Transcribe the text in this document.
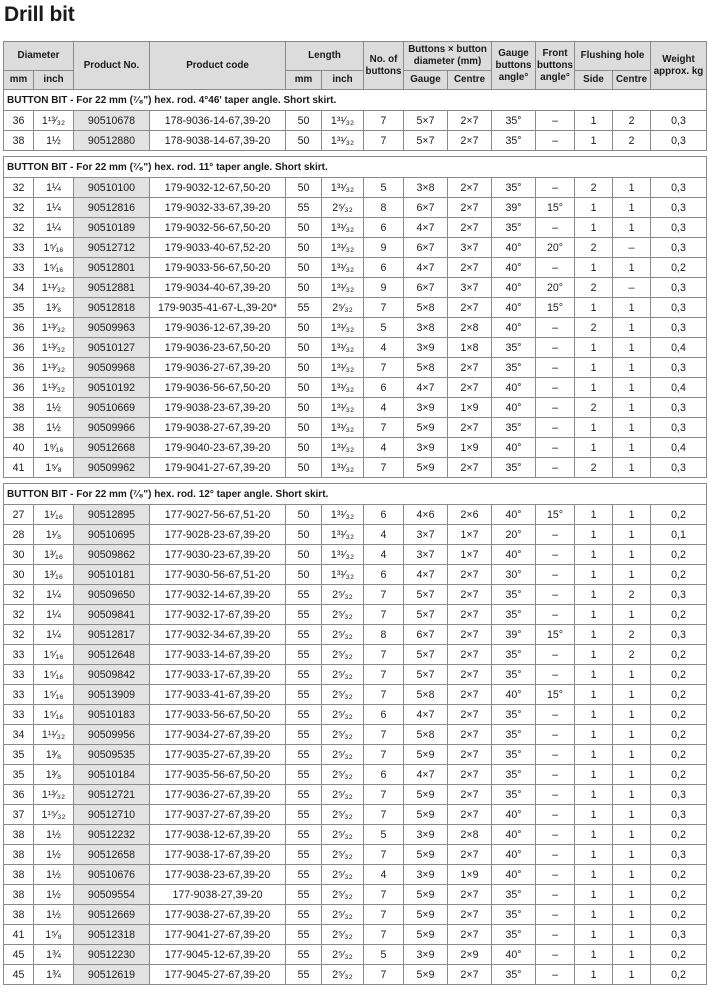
Drill bit
Diameter		Product No.	Product code	Length		No. of buttons	Buttons × button diameter (mm)		Gauge buttons angle°	Front buttons angle°	Flushing hole		Weight approx. kg
mm	inch			mm	inch		Gauge	Centre			Side	Centre	
BUTTON BIT - For 22 mm (⁷⁄₈") hex. rod. 4°46' taper angle. Short skirt.													
36	1¹³⁄₃₂	90510678	178-9036-14-67,39-20	50	1³¹⁄₃₂	7	5×7	2×7	35°	–	1	2	0,3
38	1½	90512880	178-9038-14-67,39-20	50	1³¹⁄₃₂	7	5×7	2×7	35°	–	1	2	0,3

BUTTON BIT - For 22 mm (⁷⁄₈") hex. rod. 11° taper angle. Short skirt.													
32	1¼	90510100	179-9032-12-67,50-20	50	1³¹⁄₃₂	5	3×8	2×7	35°	–	2	1	0,3
32	1¼	90512816	179-9032-33-67,39-20	55	2⁵⁄₃₂	8	6×7	2×7	39°	15°	1	1	0,3
32	1¼	90510189	179-9032-56-67,50-20	50	1³¹⁄₃₂	6	4×7	2×7	35°	–	1	1	0,3
33	1⁵⁄₁₆	90512712	179-9033-40-67,52-20	50	1³¹⁄₃₂	9	6×7	3×7	40°	20°	2	–	0,3
33	1⁵⁄₁₆	90512801	179-9033-56-67,50-20	50	1³¹⁄₃₂	6	4×7	2×7	40°	–	1	1	0,2
34	1¹¹⁄₃₂	90512881	179-9034-40-67,39-20	50	1³¹⁄₃₂	9	6×7	3×7	40°	20°	2	–	0,3
35	1³⁄₈	90512818	179-9035-41-67-L,39-20*	55	2⁵⁄₃₂	7	5×8	2×7	40°	15°	1	1	0,3
36	1¹³⁄₃₂	90509963	179-9036-12-67,39-20	50	1³¹⁄₃₂	5	3×8	2×8	40°	–	2	1	0,3
36	1¹³⁄₃₂	90510127	179-9036-23-67,50-20	50	1³¹⁄₃₂	4	3×9	1×8	35°	–	1	1	0,4
36	1¹³⁄₃₂	90509968	179-9036-27-67,39-20	50	1³¹⁄₃₂	7	5×8	2×7	35°	–	1	1	0,3
36	1¹³⁄₃₂	90510192	179-9036-56-67,50-20	50	1³¹⁄₃₂	6	4×7	2×7	40°	–	1	1	0,4
38	1½	90510669	179-9038-23-67,39-20	50	1³¹⁄₃₂	4	3×9	1×9	40°	–	2	1	0,3
38	1½	90509966	179-9038-27-67,39-20	50	1³¹⁄₃₂	7	5×9	2×7	35°	–	1	1	0,3
40	1⁹⁄₁₆	90512668	179-9040-23-67,39-20	50	1³¹⁄₃₂	4	3×9	1×9	40°	–	1	1	0,4
41	1⁵⁄₈	90509962	179-9041-27-67,39-20	50	1³¹⁄₃₂	7	5×9	2×7	35°	–	2	1	0,3

BUTTON BIT - For 22 mm (⁷⁄₈") hex. rod. 12° taper angle. Short skirt.													
27	1¹⁄₁₆	90512895	177-9027-56-67,51-20	50	1³¹⁄₃₂	6	4×6	2×6	40°	15°	1	1	0,2
28	1¹⁄₈	90510695	177-9028-23-67,39-20	50	1³¹⁄₃₂	4	3×7	1×7	20°	–	1	1	0,1
30	1³⁄₁₆	90509862	177-9030-23-67,39-20	50	1³¹⁄₃₂	4	3×7	1×7	40°	–	1	1	0,2
30	1³⁄₁₆	90510181	177-9030-56-67,51-20	50	1³¹⁄₃₂	6	4×7	2×7	30°	–	1	1	0,2
32	1¼	90509650	177-9032-14-67,39-20	55	2⁵⁄₃₂	7	5×7	2×7	35°	–	1	2	0,3
32	1¼	90509841	177-9032-17-67,39-20	55	2⁵⁄₃₂	7	5×7	2×7	35°	–	1	1	0,2
32	1¼	90512817	177-9032-34-67,39-20	55	2⁵⁄₃₂	8	6×7	2×7	39°	15°	1	2	0,3
33	1⁵⁄₁₆	90512648	177-9033-14-67,39-20	55	2⁵⁄₃₂	7	5×7	2×7	35°	–	1	2	0,2
33	1⁵⁄₁₆	90509842	177-9033-17-67,39-20	55	2⁵⁄₃₂	7	5×7	2×7	35°	–	1	1	0,2
33	1⁵⁄₁₆	90513909	177-9033-41-67,39-20	55	2⁵⁄₃₂	7	5×8	2×7	40°	15°	1	1	0,2
33	1⁵⁄₁₆	90510183	177-9033-56-67,50-20	55	2⁵⁄₃₂	6	4×7	2×7	35°	–	1	1	0,2
34	1¹¹⁄₃₂	90509956	177-9034-27-67,39-20	55	2⁵⁄₃₂	7	5×8	2×7	35°	–	1	1	0,2
35	1³⁄₈	90509535	177-9035-27-67,39-20	55	2⁵⁄₃₂	7	5×9	2×7	35°	–	1	1	0,2
35	1³⁄₈	90510184	177-9035-56-67,50-20	55	2⁵⁄₃₂	6	4×7	2×7	35°	–	1	1	0,2
36	1¹³⁄₃₂	90512721	177-9036-27-67,39-20	55	2⁵⁄₃₂	7	5×9	2×7	35°	–	1	1	0,3
37	1¹⁵⁄₃₂	90512710	177-9037-27-67,39-20	55	2⁵⁄₃₂	7	5×9	2×7	40°	–	1	1	0,3
38	1½	90512232	177-9038-12-67,39-20	55	2⁵⁄₃₂	5	3×9	2×8	40°	–	1	1	0,2
38	1½	90512658	177-9038-17-67,39-20	55	2⁵⁄₃₂	7	5×9	2×7	40°	–	1	1	0,3
38	1½	90510676	177-9038-23-67,39-20	55	2⁵⁄₃₂	4	3×9	1×9	40°	–	1	1	0,2
38	1½	90509554	177-9038-27,39-20	55	2⁵⁄₃₂	7	5×9	2×7	35°	–	1	1	0,2
38	1½	90512669	177-9038-27-67,39-20	55	2⁵⁄₃₂	7	5×9	2×7	35°	–	1	1	0,2
41	1⁵⁄₈	90512318	177-9041-27-67,39-20	55	2⁵⁄₃₂	7	5×9	2×7	35°	–	1	1	0,3
45	1¾	90512230	177-9045-12-67,39-20	55	2⁵⁄₃₂	5	3×9	2×9	40°	–	1	1	0,2
45	1¾	90512619	177-9045-27-67,39-20	55	2⁵⁄₃₂	7	5×9	2×7	35°	–	1	1	0,2
